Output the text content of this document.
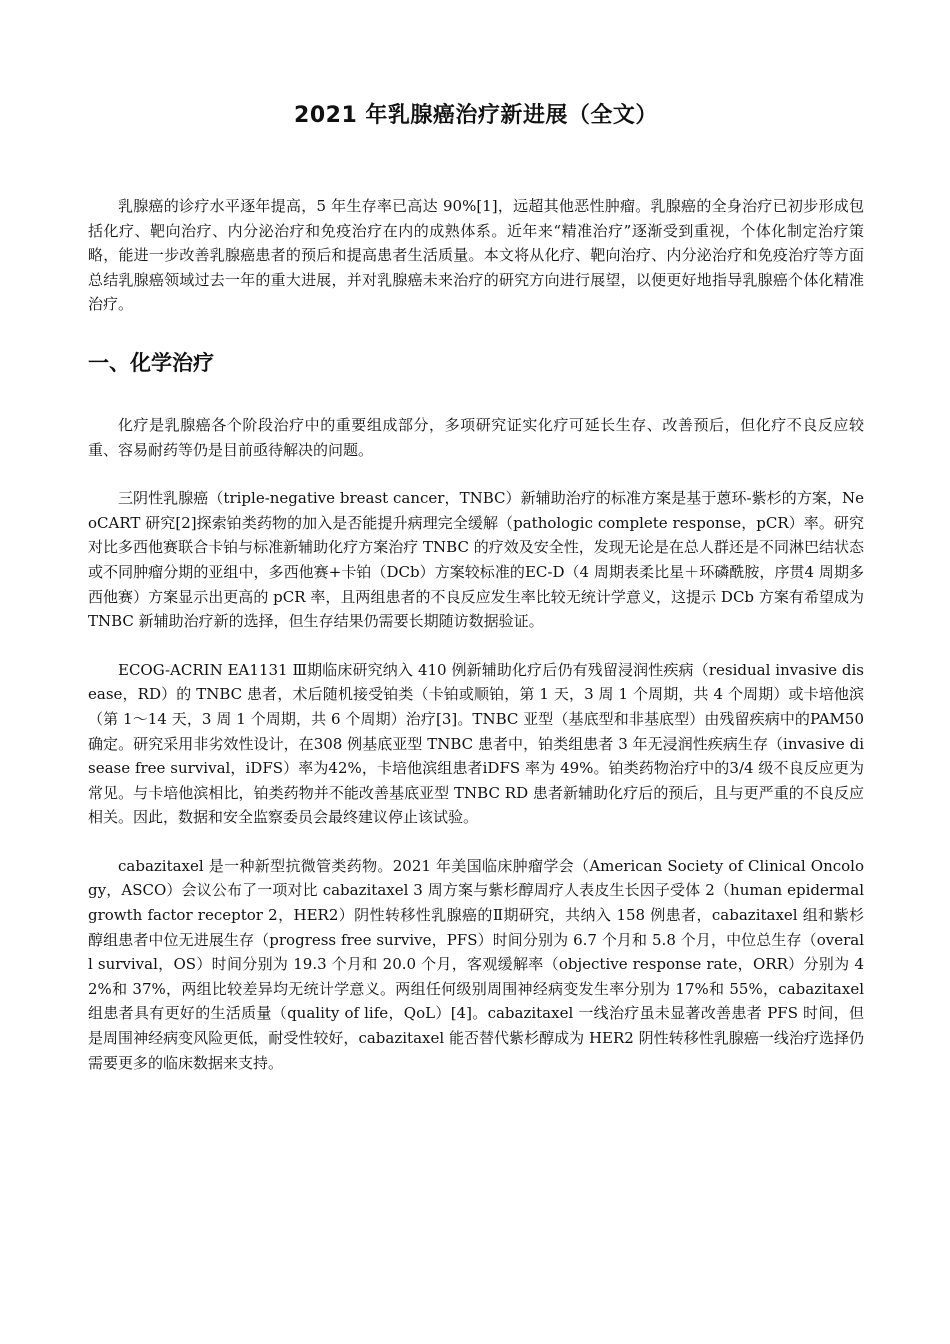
2021 年乳腺癌治疗新进展（全文）

乳腺癌的诊疗水平逐年提高，5 年生存率已高达 90%[1]，远超其他恶性肿瘤。乳腺癌的全身治疗已初步形成包括化疗、靶向治疗、内分泌治疗和免疫治疗在内的成熟体系。近年来“精准治疗”逐渐受到重视，个体化制定治疗策略，能进一步改善乳腺癌患者的预后和提高患者生活质量。本文将从化疗、靶向治疗、内分泌治疗和免疫治疗等方面总结乳腺癌领域过去一年的重大进展，并对乳腺癌未来治疗的研究方向进行展望，以便更好地指导乳腺癌个体化精准治疗。

一、化学治疗

化疗是乳腺癌各个阶段治疗中的重要组成部分，多项研究证实化疗可延长生存、改善预后，但化疗不良反应较重、容易耐药等仍是目前亟待解决的问题。

三阴性乳腺癌（triple-negative breast cancer，TNBC）新辅助治疗的标准方案是基于蒽环-紫杉的方案，NeoCART 研究[2]探索铂类药物的加入是否能提升病理完全缓解（pathologic complete response，pCR）率。研究对比多西他赛联合卡铂与标准新辅助化疗方案治疗 TNBC 的疗效及安全性，发现无论是在总人群还是不同淋巴结状态或不同肿瘤分期的亚组中，多西他赛+卡铂（DCb）方案较标准的EC-D（4 周期表柔比星＋环磷酰胺，序贯4 周期多西他赛）方案显示出更高的 pCR 率，且两组患者的不良反应发生率比较无统计学意义，这提示 DCb 方案有希望成为 TNBC 新辅助治疗新的选择，但生存结果仍需要长期随访数据验证。

ECOG-ACRIN EA1131 Ⅲ期临床研究纳入 410 例新辅助化疗后仍有残留浸润性疾病（residual invasive disease，RD）的 TNBC 患者，术后随机接受铂类（卡铂或顺铂，第 1 天，3 周 1 个周期，共 4 个周期）或卡培他滨（第 1～14 天，3 周 1 个周期，共 6 个周期）治疗[3]。TNBC 亚型（基底型和非基底型）由残留疾病中的PAM50 确定。研究采用非劣效性设计，在308 例基底亚型 TNBC 患者中，铂类组患者 3 年无浸润性疾病生存（invasive disease free survival，iDFS）率为42%，卡培他滨组患者iDFS 率为 49%。铂类药物治疗中的3/4 级不良反应更为常见。与卡培他滨相比，铂类药物并不能改善基底亚型 TNBC RD 患者新辅助化疗后的预后，且与更严重的不良反应相关。因此，数据和安全监察委员会最终建议停止该试验。

cabazitaxel 是一种新型抗微管类药物。2021 年美国临床肿瘤学会（American Society of Clinical Oncology，ASCO）会议公布了一项对比 cabazitaxel 3 周方案与紫杉醇周疗人表皮生长因子受体 2（human epidermal growth factor receptor 2，HER2）阴性转移性乳腺癌的Ⅱ期研究，共纳入 158 例患者，cabazitaxel 组和紫杉醇组患者中位无进展生存（progress free survive，PFS）时间分别为 6.7 个月和 5.8 个月，中位总生存（overall survival，OS）时间分别为 19.3 个月和 20.0 个月，客观缓解率（objective response rate，ORR）分别为 42%和 37%，两组比较差异均无统计学意义。两组任何级别周围神经病变发生率分别为 17%和 55%，cabazitaxel 组患者具有更好的生活质量（quality of life，QoL）[4]。cabazitaxel 一线治疗虽未显著改善患者 PFS 时间，但是周围神经病变风险更低，耐受性较好，cabazitaxel 能否替代紫杉醇成为 HER2 阴性转移性乳腺癌一线治疗选择仍需要更多的临床数据来支持。
